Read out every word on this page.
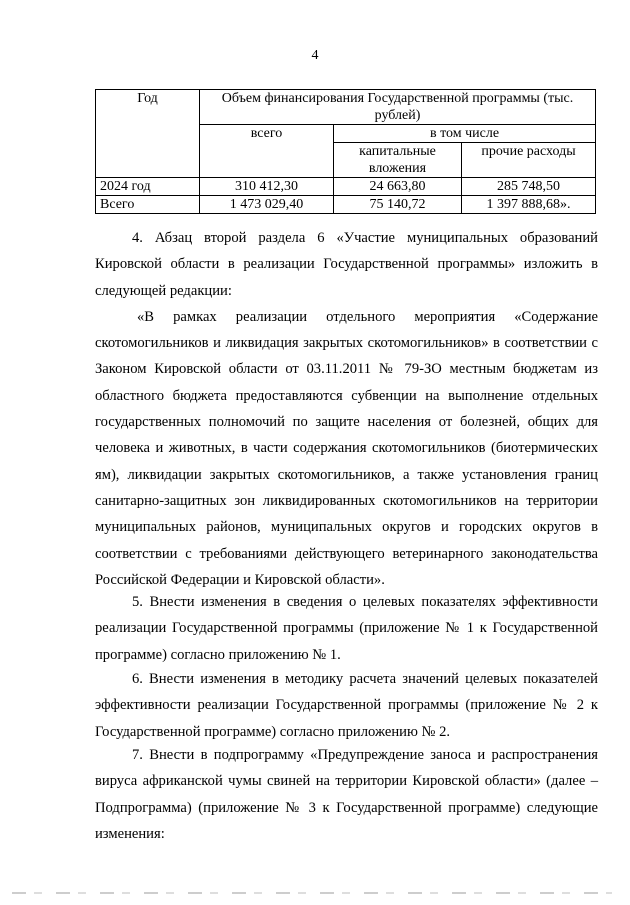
4
Год	Объем финансирования Государственной программы (тыс. рублей)		
	всего	в том числе	
		капитальные вложения	прочие расходы
2024 год	310 412,30	24 663,80	285 748,50
Всего	1 473 029,40	75 140,72	1 397 888,68».

4. Абзац второй раздела 6 «Участие муниципальных образований Кировской области в реализации Государственной программы» изложить в следующей редакции:

«В рамках реализации отдельного мероприятия «Содержание скотомогильников и ликвидация закрытых скотомогильников» в соответствии с Законом Кировской области от 03.11.2011 № 79-ЗО местным бюджетам из областного бюджета предоставляются субвенции на выполнение отдельных государственных полномочий по защите населения от болезней, общих для человека и животных, в части содержания скотомогильников (биотермических ям), ликвидации закрытых скотомогильников, а также установления границ санитарно-защитных зон ликвидированных скотомогильников на территории муниципальных районов, муниципальных округов и городских округов в соответствии с требованиями действующего ветеринарного законодательства Российской Федерации и Кировской области».

5. Внести изменения в сведения о целевых показателях эффективности реализации Государственной программы (приложение № 1 к Государственной программе) согласно приложению № 1.

6. Внести изменения в методику расчета значений целевых показателей эффективности реализации Государственной программы (приложение № 2 к Государственной программе) согласно приложению № 2.

7. Внести в подпрограмму «Предупреждение заноса и распространения вируса африканской чумы свиней на территории Кировской области» (далее – Подпрограмма) (приложение № 3 к Государственной программе) следующие изменения:
